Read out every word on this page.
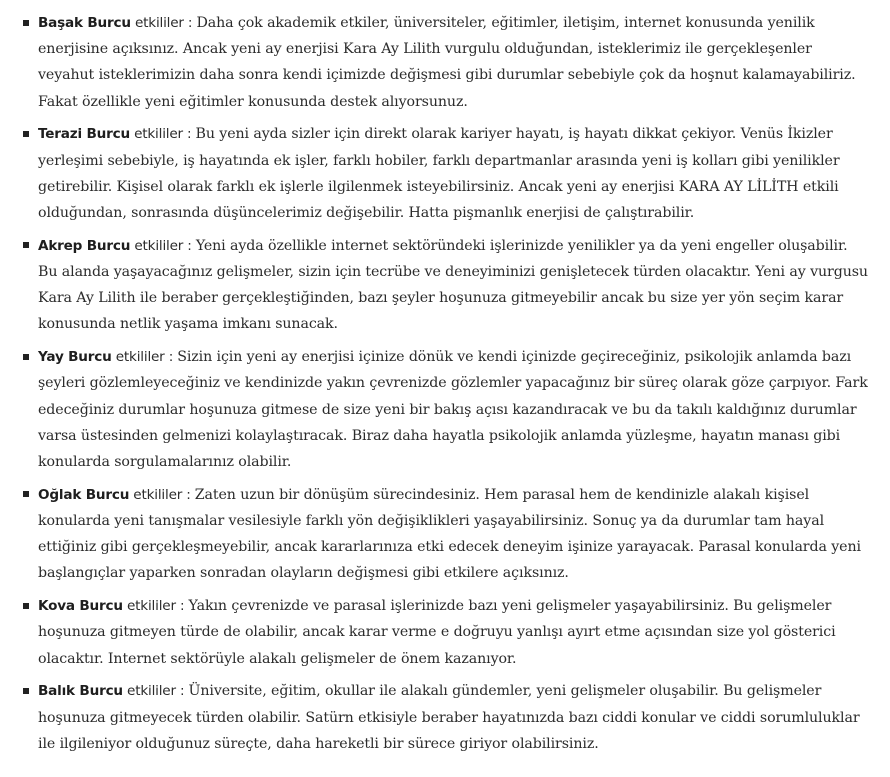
Başak Burcu etkililer : Daha çok akademik etkiler, üniversiteler, eğitimler, iletişim, internet konusunda yenilik enerjisine açıksınız. Ancak yeni ay enerjisi Kara Ay Lilith vurgulu olduğundan, isteklerimiz ile gerçekleşenler veyahut isteklerimizin daha sonra kendi içimizde değişmesi gibi durumlar sebebiyle çok da hoşnut kalamayabiliriz. Fakat özellikle yeni eğitimler konusunda destek alıyorsunuz.
Terazi Burcu etkililer : Bu yeni ayda sizler için direkt olarak kariyer hayatı, iş hayatı dikkat çekiyor. Venüs İkizler yerleşimi sebebiyle, iş hayatında ek işler, farklı hobiler, farklı departmanlar arasında yeni iş kolları gibi yenilikler getirebilir. Kişisel olarak farklı ek işlerle ilgilenmek isteyebilirsiniz. Ancak yeni ay enerjisi KARA AY LİLİTH etkili olduğundan, sonrasında düşüncelerimiz değişebilir. Hatta pişmanlık enerjisi de çalıştırabilir.
Akrep Burcu etkililer : Yeni ayda özellikle internet sektöründeki işlerinizde yenilikler ya da yeni engeller oluşabilir. Bu alanda yaşayacağınız gelişmeler, sizin için tecrübe ve deneyiminizi genişletecek türden olacaktır. Yeni ay vurgusu Kara Ay Lilith ile beraber gerçekleştiğinden, bazı şeyler hoşunuza gitmeyebilir ancak bu size yer yön seçim karar konusunda netlik yaşama imkanı sunacak.
Yay Burcu etkililer : Sizin için yeni ay enerjisi içinize dönük ve kendi içinizde geçireceğiniz, psikolojik anlamda bazı şeyleri gözlemleyeceğiniz ve kendinizde yakın çevrenizde gözlemler yapacağınız bir süreç olarak göze çarpıyor. Fark edeceğiniz durumlar hoşunuza gitmese de size yeni bir bakış açısı kazandıracak ve bu da takılı kaldığınız durumlar varsa üstesinden gelmenizi kolaylaştıracak. Biraz daha hayatla psikolojik anlamda yüzleşme, hayatın manası gibi konularda sorgulamalarınız olabilir.
Oğlak Burcu etkililer : Zaten uzun bir dönüşüm sürecindesiniz. Hem parasal hem de kendinizle alakalı kişisel konularda yeni tanışmalar vesilesiyle farklı yön değişiklikleri yaşayabilirsiniz. Sonuç ya da durumlar tam hayal ettiğiniz gibi gerçekleşmeyebilir, ancak kararlarınıza etki edecek deneyim işinize yarayacak. Parasal konularda yeni başlangıçlar yaparken sonradan olayların değişmesi gibi etkilere açıksınız.
Kova Burcu etkililer : Yakın çevrenizde ve parasal işlerinizde bazı yeni gelişmeler yaşayabilirsiniz. Bu gelişmeler hoşunuza gitmeyen türde de olabilir, ancak karar verme e doğruyu yanlışı ayırt etme açısından size yol gösterici olacaktır. Internet sektörüyle alakalı gelişmeler de önem kazanıyor.
Balık Burcu etkililer : Üniversite, eğitim, okullar ile alakalı gündemler, yeni gelişmeler oluşabilir. Bu gelişmeler hoşunuza gitmeyecek türden olabilir. Satürn etkisiyle beraber hayatınızda bazı ciddi konular ve ciddi sorumluluklar ile ilgileniyor olduğunuz süreçte, daha hareketli bir sürece giriyor olabilirsiniz.
